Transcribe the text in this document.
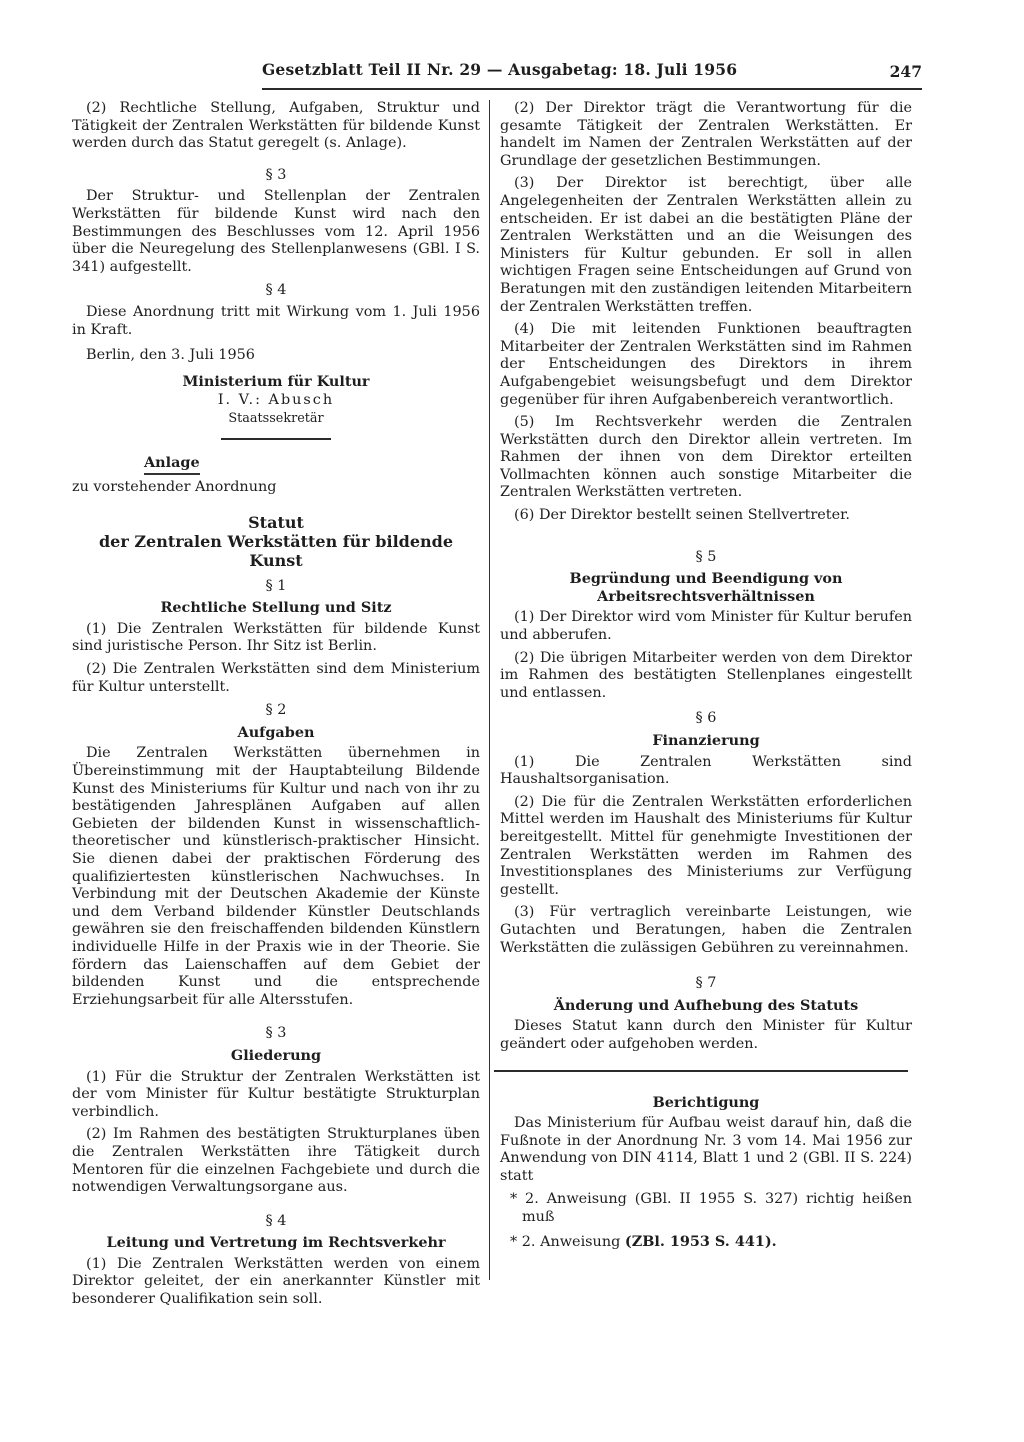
Gesetzblatt Teil II Nr. 29 — Ausgabetag: 18. Juli 1956	247

(2) Rechtliche Stellung, Aufgaben, Struktur und Tätigkeit der Zentralen Werkstätten für bildende Kunst werden durch das Statut geregelt (s. Anlage).

§ 3

Der Struktur- und Stellenplan der Zentralen Werkstätten für bildende Kunst wird nach den Bestimmungen des Beschlusses vom 12. April 1956 über die Neuregelung des Stellenplanwesens (GBl. I S. 341) aufgestellt.

§ 4

Diese Anordnung tritt mit Wirkung vom 1. Juli 1956 in Kraft.

Berlin, den 3. Juli 1956

Ministerium für Kultur
I. V.: Abusch
Staatssekretär
Anlage

zu vorstehender Anordnung

Statut
der Zentralen Werkstätten für bildende Kunst
§ 1
Rechtliche Stellung und Sitz

(1) Die Zentralen Werkstätten für bildende Kunst sind juristische Person. Ihr Sitz ist Berlin.

(2) Die Zentralen Werkstätten sind dem Ministerium für Kultur unterstellt.

§ 2
Aufgaben

Die Zentralen Werkstätten übernehmen in Übereinstimmung mit der Hauptabteilung Bildende Kunst des Ministeriums für Kultur und nach von ihr zu bestätigenden Jahresplänen Aufgaben auf allen Gebieten der bildenden Kunst in wissenschaftlich-theoretischer und künstlerisch-praktischer Hinsicht. Sie dienen dabei der praktischen Förderung des qualifiziertesten künstlerischen Nachwuchses. In Verbindung mit der Deutschen Akademie der Künste und dem Verband bildender Künstler Deutschlands gewähren sie den freischaffenden bildenden Künstlern individuelle Hilfe in der Praxis wie in der Theorie. Sie fördern das Laienschaffen auf dem Gebiet der bildenden Kunst und die entsprechende Erziehungsarbeit für alle Altersstufen.

§ 3
Gliederung

(1) Für die Struktur der Zentralen Werkstätten ist der vom Minister für Kultur bestätigte Strukturplan verbindlich.

(2) Im Rahmen des bestätigten Strukturplanes üben die Zentralen Werkstätten ihre Tätigkeit durch Mentoren für die einzelnen Fachgebiete und durch die notwendigen Verwaltungsorgane aus.

§ 4
Leitung und Vertretung im Rechtsverkehr

(1) Die Zentralen Werkstätten werden von einem Direktor geleitet, der ein anerkannter Künstler mit besonderer Qualifikation sein soll.

(2) Der Direktor trägt die Verantwortung für die gesamte Tätigkeit der Zentralen Werkstätten. Er handelt im Namen der Zentralen Werkstätten auf der Grundlage der gesetzlichen Bestimmungen.

(3) Der Direktor ist berechtigt, über alle Angelegenheiten der Zentralen Werkstätten allein zu entscheiden. Er ist dabei an die bestätigten Pläne der Zentralen Werkstätten und an die Weisungen des Ministers für Kultur gebunden. Er soll in allen wichtigen Fragen seine Entscheidungen auf Grund von Beratungen mit den zuständigen leitenden Mitarbeitern der Zentralen Werkstätten treffen.

(4) Die mit leitenden Funktionen beauftragten Mitarbeiter der Zentralen Werkstätten sind im Rahmen der Entscheidungen des Direktors in ihrem Aufgabengebiet weisungsbefugt und dem Direktor gegenüber für ihren Aufgabenbereich verantwortlich.

(5) Im Rechtsverkehr werden die Zentralen Werkstätten durch den Direktor allein vertreten. Im Rahmen der ihnen von dem Direktor erteilten Vollmachten können auch sonstige Mitarbeiter die Zentralen Werkstätten vertreten.

(6) Der Direktor bestellt seinen Stellvertreter.

§ 5
Begründung und Beendigung von Arbeitsrechtsverhältnissen

(1) Der Direktor wird vom Minister für Kultur berufen und abberufen.

(2) Die übrigen Mitarbeiter werden von dem Direktor im Rahmen des bestätigten Stellenplanes eingestellt und entlassen.

§ 6
Finanzierung

(1) Die Zentralen Werkstätten sind Haushaltsorganisation.

(2) Die für die Zentralen Werkstätten erforderlichen Mittel werden im Haushalt des Ministeriums für Kultur bereitgestellt. Mittel für genehmigte Investitionen der Zentralen Werkstätten werden im Rahmen des Investitionsplanes des Ministeriums zur Verfügung gestellt.

(3) Für vertraglich vereinbarte Leistungen, wie Gutachten und Beratungen, haben die Zentralen Werkstätten die zulässigen Gebühren zu vereinnahmen.

§ 7
Änderung und Aufhebung des Statuts

Dieses Statut kann durch den Minister für Kultur geändert oder aufgehoben werden.

Berichtigung

Das Ministerium für Aufbau weist darauf hin, daß die Fußnote in der Anordnung Nr. 3 vom 14. Mai 1956 zur Anwendung von DIN 4114, Blatt 1 und 2 (GBl. II S. 224) statt

* 2. Anweisung (GBl. II 1955 S. 327) richtig heißen muß

* 2. Anweisung (ZBl. 1953 S. 441).
